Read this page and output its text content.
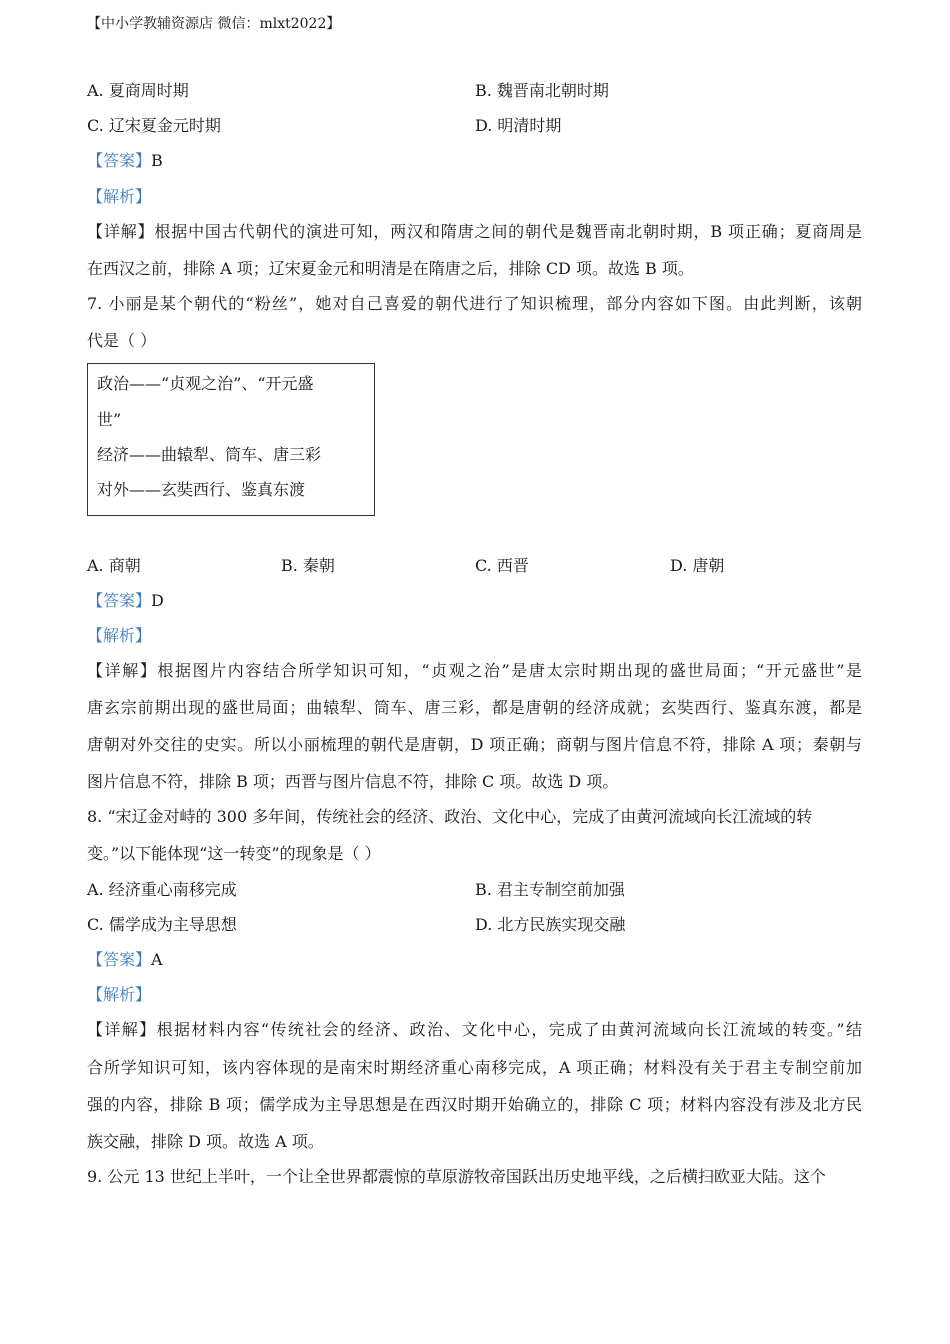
【中小学教辅资源店 微信：mlxt2022】
A. 夏商周时期	B. 魏晋南北朝时期
C. 辽宋夏金元时期	D. 明清时期
【答案】B
【解析】
【详解】根据中国古代朝代的演进可知，两汉和隋唐之间的朝代是魏晋南北朝时期，B 项正确；夏商周是
在西汉之前，排除 A 项；辽宋夏金元和明清是在隋唐之后，排除 CD 项。故选 B 项。
7. 小丽是某个朝代的“粉丝”，她对自己喜爱的朝代进行了知识梳理，部分内容如下图。由此判断，该朝
代是（ ）
政治——“贞观之治”、“开元盛
世”
经济——曲辕犁、筒车、唐三彩
对外——玄奘西行、鉴真东渡
A. 商朝	B. 秦朝	C. 西晋	D. 唐朝
【答案】D
【解析】
【详解】根据图片内容结合所学知识可知，“贞观之治”是唐太宗时期出现的盛世局面；“开元盛世”是
唐玄宗前期出现的盛世局面；曲辕犁、筒车、唐三彩，都是唐朝的经济成就；玄奘西行、鉴真东渡，都是
唐朝对外交往的史实。所以小丽梳理的朝代是唐朝，D 项正确；商朝与图片信息不符，排除 A 项；秦朝与
图片信息不符，排除 B 项；西晋与图片信息不符，排除 C 项。故选 D 项。
8. “宋辽金对峙的 300 多年间，传统社会的经济、政治、文化中心，完成了由黄河流域向长江流域的转
变。”以下能体现“这一转变”的现象是（ ）
A. 经济重心南移完成	B. 君主专制空前加强
C. 儒学成为主导思想	D. 北方民族实现交融
【答案】A
【解析】
【详解】根据材料内容“传统社会的经济、政治、文化中心，完成了由黄河流域向长江流域的转变。”结
合所学知识可知，该内容体现的是南宋时期经济重心南移完成，A 项正确；材料没有关于君主专制空前加
强的内容，排除 B 项；儒学成为主导思想是在西汉时期开始确立的，排除 C 项；材料内容没有涉及北方民
族交融，排除 D 项。故选 A 项。
9. 公元 13 世纪上半叶，一个让全世界都震惊的草原游牧帝国跃出历史地平线，之后横扫欧亚大陆。这个
